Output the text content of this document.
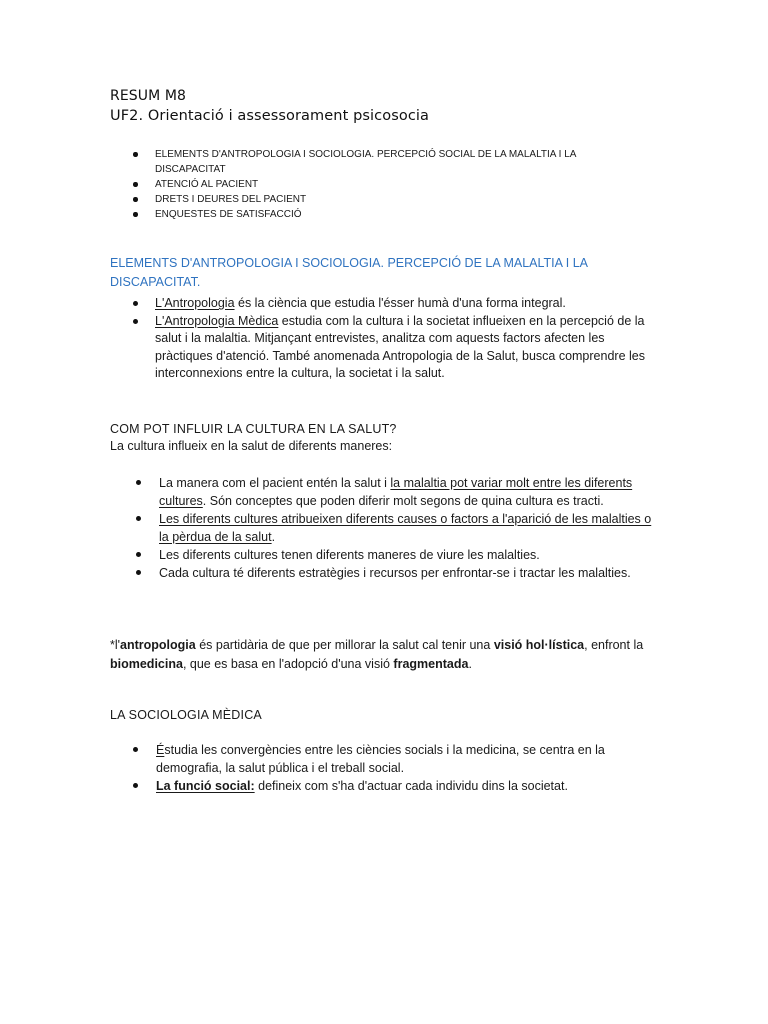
RESUM M8

UF2. Orientació i assessorament psicosocia

ELEMENTS D'ANTROPOLOGIA I SOCIOLOGIA. PERCEPCIÓ SOCIAL DE LA MALALTIA I LA DISCAPACITAT
ATENCIÓ AL PACIENT
DRETS I DEURES DEL PACIENT
ENQUESTES DE SATISFACCIÓ

ELEMENTS D'ANTROPOLOGIA I SOCIOLOGIA. PERCEPCIÓ DE LA MALALTIA I LA DISCAPACITAT.

L'Antropologia és la ciència que estudia l'ésser humà d'una forma integral.
L'Antropologia Mèdica estudia com la cultura i la societat influeixen en la percepció de la salut i la malaltia. Mitjançant entrevistes, analitza com aquests factors afecten les pràctiques d'atenció. També anomenada Antropologia de la Salut, busca comprendre les interconnexions entre la cultura, la societat i la salut.

COM POT INFLUIR LA CULTURA EN LA SALUT?

La cultura influeix en la salut de diferents maneres:

La manera com el pacient entén la salut i la malaltia pot variar molt entre les diferents cultures. Són conceptes que poden diferir molt segons de quina cultura es tracti.
Les diferents cultures atribueixen diferents causes o factors a l'aparició de les malalties o la pèrdua de la salut.
Les diferents cultures tenen diferents maneres de viure les malalties.
Cada cultura té diferents estratègies i recursos per enfrontar-se i tractar les malalties.

*l'antropologia és partidària de que per millorar la salut cal tenir una visió hol·lística, enfront la biomedicina, que es basa en l'adopció d'una visió fragmentada.

LA SOCIOLOGIA MÈDICA

Éstudia les convergències entre les ciències socials i la medicina, se centra en la demografia, la salut pública i el treball social.
La funció social: defineix com s'ha d'actuar cada individu dins la societat.
